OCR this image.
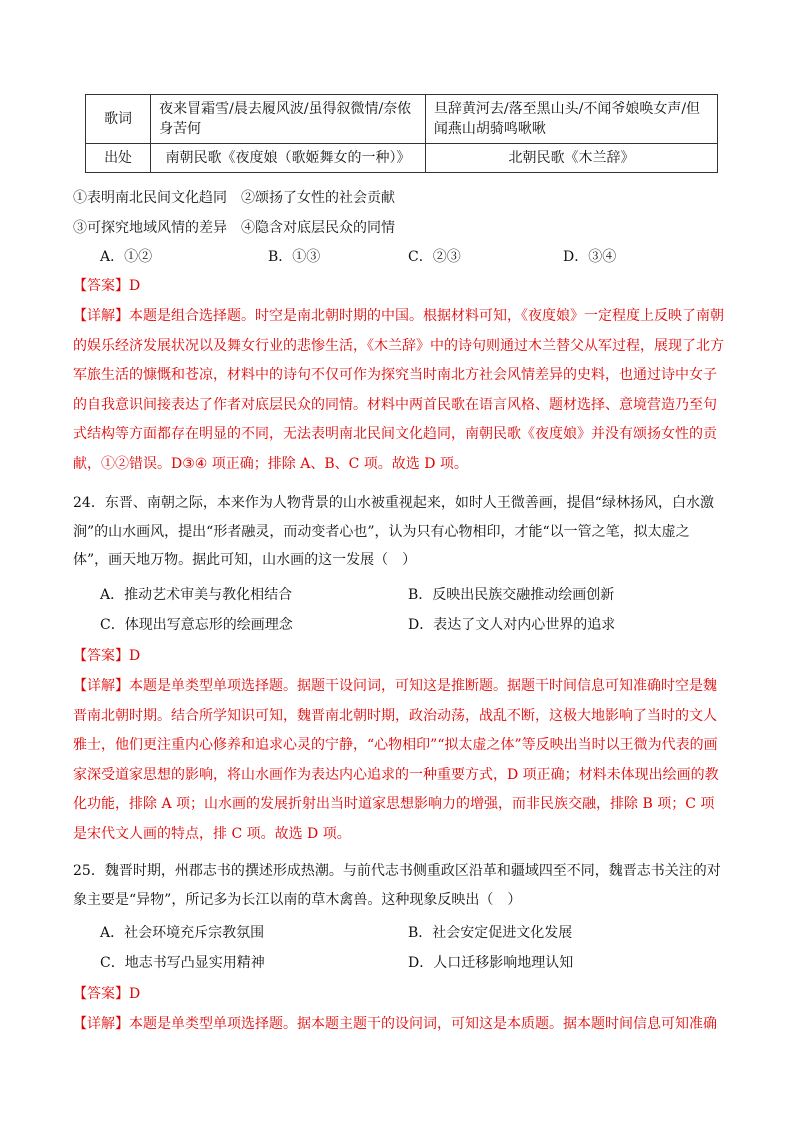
歌词	夜来冒霜雪/晨去履风波/虽得叙微情/奈侬身苦何	旦辞黄河去/落至黑山头/不闻爷娘唤女声/但闻燕山胡骑鸣啾啾
出处	南朝民歌《夜度娘（歌姬舞女的一种）》	北朝民歌《木兰辞》
①表明南北民间文化趋同　②颂扬了女性的社会贡献
③可探究地域风情的差异　④隐含对底层民众的同情
A．①②	B．①③	C．②③	D．③④
【答案】D
【详解】本题是组合选择题。时空是南北朝时期的中国。根据材料可知，《夜度娘》一定程度上反映了南朝的娱乐经济发展状况以及舞女行业的悲惨生活，《木兰辞》中的诗句则通过木兰替父从军过程，展现了北方军旅生活的慷慨和苍凉，材料中的诗句不仅可作为探究当时南北方社会风情差异的史料，也通过诗中女子的自我意识间接表达了作者对底层民众的同情。材料中两首民歌在语言风格、题材选择、意境营造乃至句式结构等方面都存在明显的不同，无法表明南北民间文化趋同，南朝民歌《夜度娘》并没有颂扬女性的贡献，①②错误。D③④ 项正确；排除 A、B、C 项。故选 D 项。
24．东晋、南朝之际，本来作为人物背景的山水被重视起来，如时人王微善画，提倡“绿林扬风，白水激涧”的山水画风，提出“形者融灵，而动变者心也”，认为只有心物相印，才能“以一管之笔，拟太虚之体”，画天地万物。据此可知，山水画的这一发展（　）
A．推动艺术审美与教化相结合	B．反映出民族交融推动绘画创新
C．体现出写意忘形的绘画理念	D．表达了文人对内心世界的追求
【答案】D
【详解】本题是单类型单项选择题。据题干设问词，可知这是推断题。据题干时间信息可知准确时空是魏晋南北朝时期。结合所学知识可知，魏晋南北朝时期，政治动荡，战乱不断，这极大地影响了当时的文人雅士，他们更注重内心修养和追求心灵的宁静，“心物相印”“拟太虚之体”等反映出当时以王微为代表的画家深受道家思想的影响，将山水画作为表达内心追求的一种重要方式，D 项正确；材料未体现出绘画的教化功能，排除 A 项；山水画的发展折射出当时道家思想影响力的增强，而非民族交融，排除 B 项；C 项是宋代文人画的特点，排 C 项。故选 D 项。
25．魏晋时期，州郡志书的撰述形成热潮。与前代志书侧重政区沿革和疆域四至不同，魏晋志书关注的对象主要是“异物”，所记多为长江以南的草木禽兽。这种现象反映出（　）
A．社会环境充斥宗教氛围	B．社会安定促进文化发展
C．地志书写凸显实用精神	D．人口迁移影响地理认知
【答案】D
【详解】本题是单类型单项选择题。据本题主题干的设问词，可知这是本质题。据本题时间信息可知准确
